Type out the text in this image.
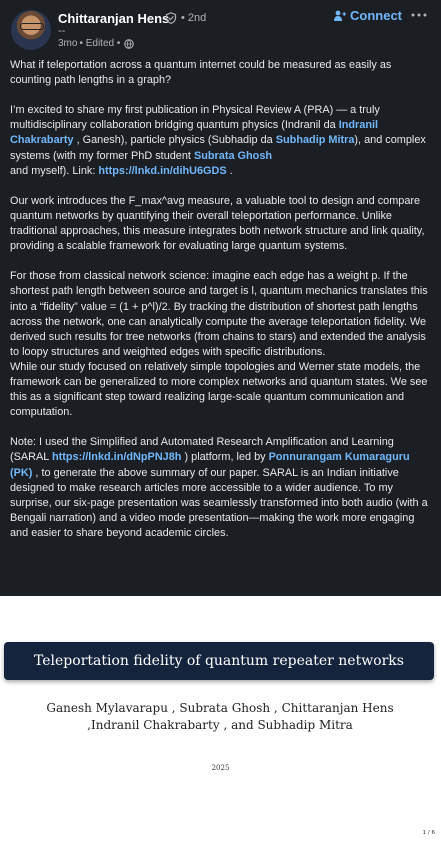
Chittaranjan Hens • 2nd
--
3mo • Edited •
Connect

What if teleportation across a quantum internet could be measured as easily as counting path lengths in a graph?

I’m excited to share my first publication in Physical Review A (PRA) — a truly multidisciplinary collaboration bridging quantum physics (Indranil da Indranil Chakrabarty , Ganesh), particle physics (Subhadip da Subhadip Mitra), and complex systems (with my former PhD student Subrata Ghosh
and myself). Link: https://lnkd.in/dihU6GDS .

Our work introduces the F_max^avg measure, a valuable tool to design and compare quantum networks by quantifying their overall teleportation performance. Unlike traditional approaches, this measure integrates both network structure and link quality, providing a scalable framework for evaluating large quantum systems.

For those from classical network science: imagine each edge has a weight p. If the shortest path length between source and target is l, quantum mechanics translates this into a “fidelity” value = (1 + p^l)/2. By tracking the distribution of shortest path lengths across the network, one can analytically compute the average teleportation fidelity. We derived such results for tree networks (from chains to stars) and extended the analysis to loopy structures and weighted edges with specific distributions.

While our study focused on relatively simple topologies and Werner state models, the framework can be generalized to more complex networks and quantum states. We see this as a significant step toward realizing large-scale quantum communication and computation.

Note: I used the Simplified and Automated Research Amplification and Learning (SARAL https://lnkd.in/dNpPNJ8h ) platform, led by Ponnurangam Kumaraguru (PK) , to generate the above summary of our paper. SARAL is an Indian initiative designed to make research articles more accessible to a wider audience. To my surprise, our six-page presentation was seamlessly transformed into both audio (with a Bengali narration) and a video mode presentation—making the work more engaging and easier to share beyond academic circles.

Teleportation fidelity of quantum repeater networks
Ganesh Mylavarapu , Subrata Ghosh , Chittaranjan Hens ,Indranil Chakrabarty , and Subhadip Mitra
2025
1 / 6
